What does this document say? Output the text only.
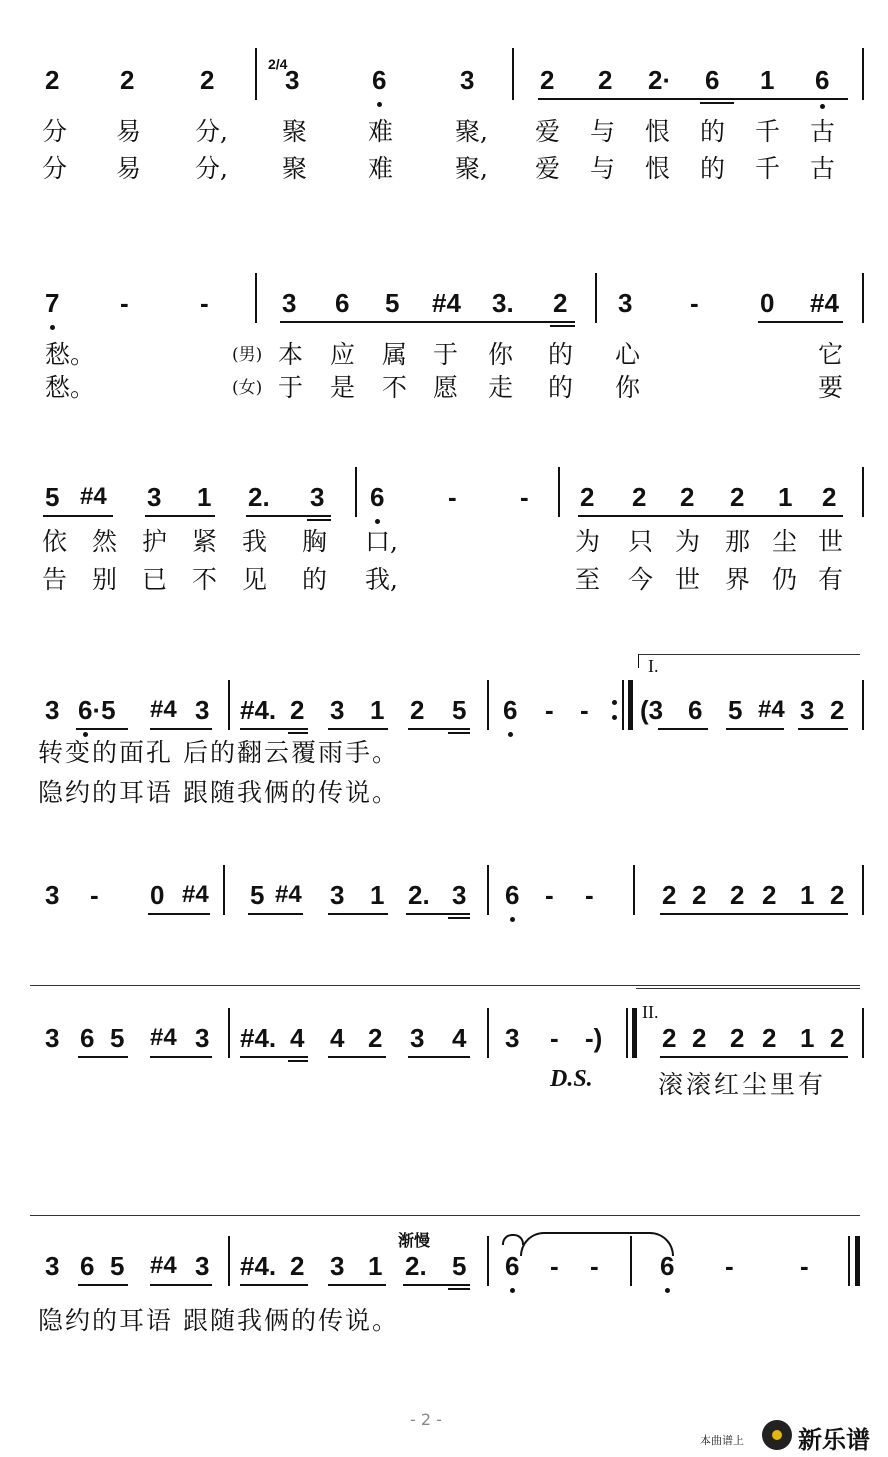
2 2	2
2/4
3	6	3	2 2 2· 6 1 6
分 易 分, 聚 难 聚, 爱 与 恨 的 千 古
分 易 分, 聚 难 聚, 爱 与 恨 的 千 古
7 -	-	3 6 5 #4 3. 2 3 - 0 #4
愁。	(男) 本 应 属 于 你 的 心	它
愁。	(女) 于 是 不 愿 走 的 你	要
5 #4 3 1 2. 3 6 - - 2 2 2 2 1 2
依 然 护 紧 我 胸 口,	为 只 为 那 尘 世
告 别 已 不 见 的 我,	至 今 世 界 仍 有
I.
3 6·5 #4 3 #4. 2 3 1 2 5 6 - - (3 6 5 #4 3 2
转变的面孔 后的翻云覆雨手。
隐约的耳语 跟随我俩的传说。
3 - 0 #4 5 #4 3 1 2. 3 6 - -	2 2 2 2 1 2
II.
3 6 5 #4 3 #4. 4 4 2 3 4 3 - -) 2 2 2 2 1 2
D.S.	滚滚红尘里有
渐慢
3 6 5 #4 3 #4. 2 3 1 2. 5 6 - - 6 -	-
隐约的耳语 跟随我俩的传说。
- 2 -
本曲谱上 新乐谱
